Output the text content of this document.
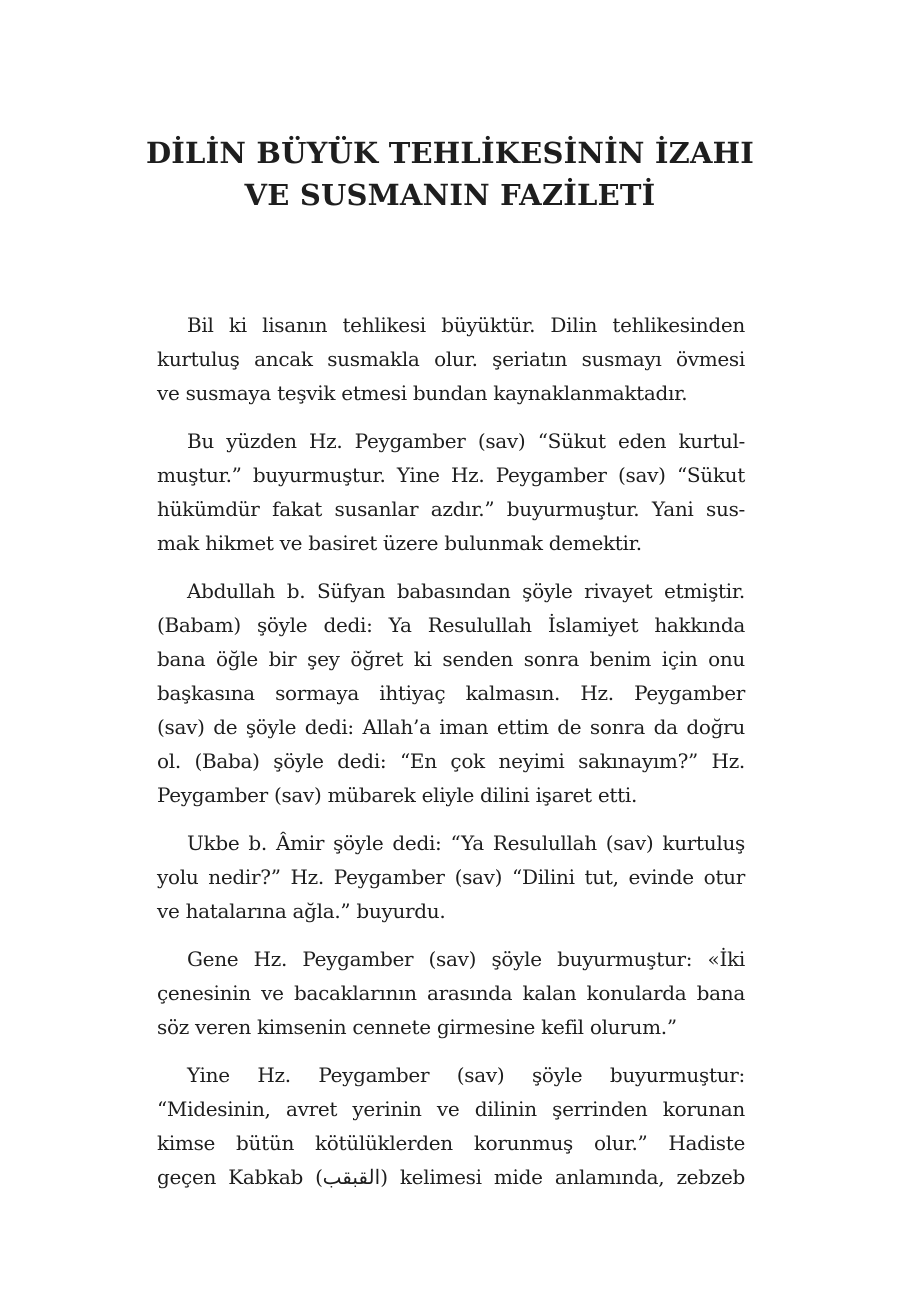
DİLİN BÜYÜK TEHLİKESİNİN İZAHI
VE SUSMANIN FAZİLETİ

Bil ki lisanın tehlikesi büyüktür. Dilin tehlikesinden
kurtuluş ancak susmakla olur. şeriatın susmayı övmesi
ve susmaya teşvik etmesi bundan kaynaklanmaktadır.

Bu yüzden Hz. Peygamber (sav) “Sükut eden kurtul-
muştur.” buyurmuştur. Yine Hz. Peygamber (sav) “Sükut
hükümdür fakat susanlar azdır.” buyurmuştur. Yani sus-
mak hikmet ve basiret üzere bulunmak demektir.

Abdullah b. Süfyan babasından şöyle rivayet etmiştir.
(Babam) şöyle dedi: Ya Resulullah İslamiyet hakkında
bana öğle bir şey öğret ki senden sonra benim için onu
başkasına sormaya ihtiyaç kalmasın. Hz. Peygamber
(sav) de şöyle dedi: Allah’a iman ettim de sonra da doğru
ol. (Baba) şöyle dedi: “En çok neyimi sakınayım?” Hz.
Peygamber (sav) mübarek eliyle dilini işaret etti.

Ukbe b. Âmir şöyle dedi: “Ya Resulullah (sav) kurtuluş
yolu nedir?” Hz. Peygamber (sav) “Dilini tut, evinde otur
ve hatalarına ağla.” buyurdu.

Gene Hz. Peygamber (sav) şöyle buyurmuştur: «İki
çenesinin ve bacaklarının arasında kalan konularda bana
söz veren kimsenin cennete girmesine kefil olurum.”

Yine Hz. Peygamber (sav) şöyle buyurmuştur:
“Midesinin, avret yerinin ve dilinin şerrinden korunan
kimse bütün kötülüklerden korunmuş olur.” Hadiste
geçen Kabkab (القبقب) kelimesi mide anlamında, zebzeb
